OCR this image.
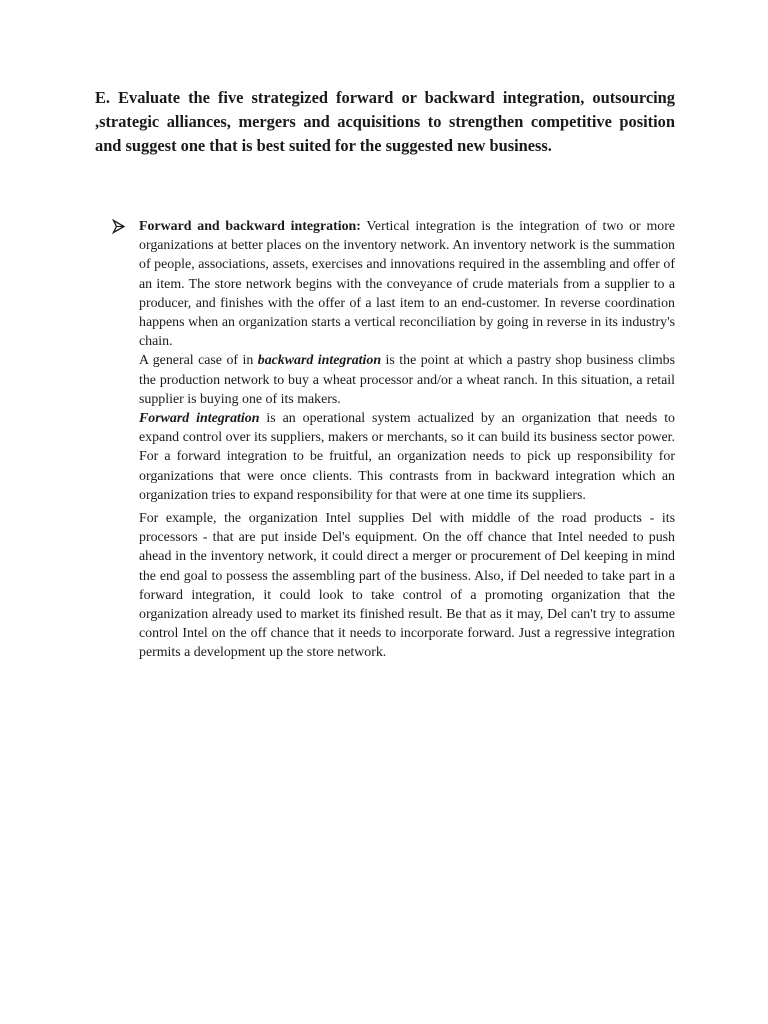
E. Evaluate the five strategized forward or backward integration, outsourcing ,strategic alliances, mergers and acquisitions to strengthen competitive position and suggest one that is best suited for the suggested new business.

Forward and backward integration: Vertical integration is the integration of two or more organizations at better places on the inventory network. An inventory network is the summation of people, associations, assets, exercises and innovations required in the assembling and offer of an item. The store network begins with the conveyance of crude materials from a supplier to a producer, and finishes with the offer of a last item to an end-customer. In reverse coordination happens when an organization starts a vertical reconciliation by going in reverse in its industry's chain.

A general case of in backward integration is the point at which a pastry shop business climbs the production network to buy a wheat processor and/or a wheat ranch. In this situation, a retail supplier is buying one of its makers.

Forward integration is an operational system actualized by an organization that needs to expand control over its suppliers, makers or merchants, so it can build its business sector power. For a forward integration to be fruitful, an organization needs to pick up responsibility for organizations that were once clients. This contrasts from in backward integration which an organization tries to expand responsibility for that were at one time its suppliers.

For example, the organization Intel supplies Del with middle of the road products - its processors - that are put inside Del's equipment. On the off chance that Intel needed to push ahead in the inventory network, it could direct a merger or procurement of Del keeping in mind the end goal to possess the assembling part of the business. Also, if Del needed to take part in a forward integration, it could look to take control of a promoting organization that the organization already used to market its finished result. Be that as it may, Del can't try to assume control Intel on the off chance that it needs to incorporate forward. Just a regressive integration permits a development up the store network.
